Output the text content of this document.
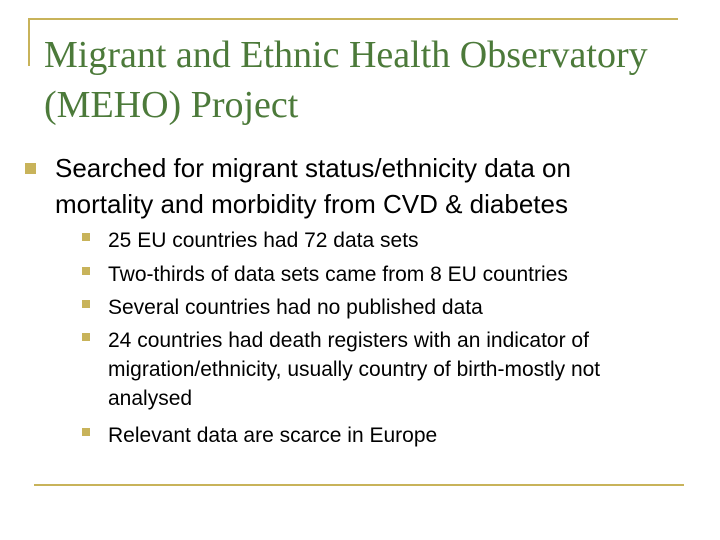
Migrant and Ethnic Health Observatory (MEHO) Project
Searched for migrant status/ethnicity data on mortality and morbidity from CVD & diabetes
25 EU countries had 72 data sets
Two-thirds of data sets came from 8 EU countries
Several countries had no published data
24 countries had death registers with an indicator of migration/ethnicity, usually country of birth-mostly not analysed
Relevant data are scarce in Europe
